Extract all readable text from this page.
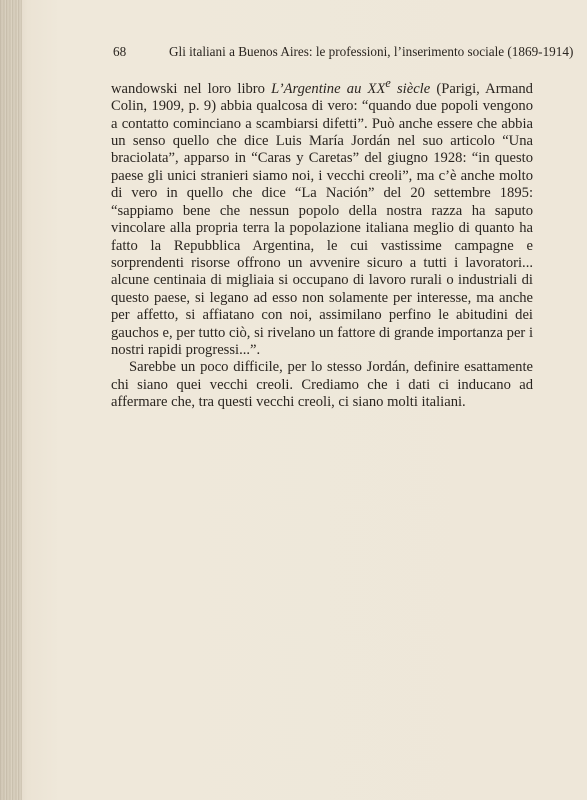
68	Gli italiani a Buenos Aires: le professioni, l’inserimento sociale (1869-1914)

wandowski nel loro libro L’Argentine au XXe siècle (Parigi, Armand Colin, 1909, p. 9) abbia qualcosa di vero: “quando due popoli vengono a contatto cominciano a scambiarsi difetti”. Può anche essere che abbia un senso quello che dice Luis María Jordán nel suo articolo “Una braciolata”, apparso in “Caras y Caretas” del giugno 1928: “in questo paese gli unici stranieri siamo noi, i vecchi creoli”, ma c’è anche molto di vero in quello che dice “La Nación” del 20 settembre 1895: “sappiamo bene che nessun popolo della nostra razza ha saputo vincolare alla propria terra la popolazione italiana meglio di quanto ha fatto la Repubblica Argentina, le cui vastissime campagne e sorprendenti risorse offrono un avvenire sicuro a tutti i lavoratori... alcune centinaia di migliaia si occupano di lavoro rurali o industriali di questo paese, si legano ad esso non solamente per interesse, ma anche per affetto, si affiatano con noi, assimilano perfino le abitudini dei gauchos e, per tutto ciò, si rivelano un fattore di grande importanza per i nostri rapidi progressi...”.

Sarebbe un poco difficile, per lo stesso Jordán, definire esattamente chi siano quei vecchi creoli. Crediamo che i dati ci inducano ad affermare che, tra questi vecchi creoli, ci siano molti italiani.
